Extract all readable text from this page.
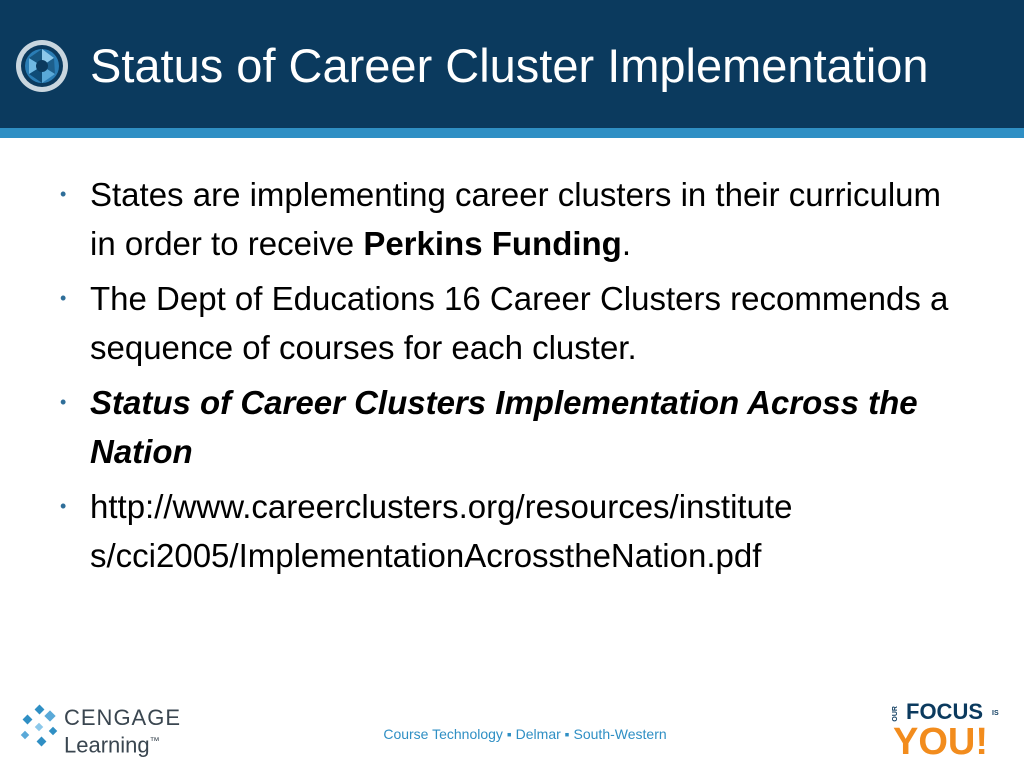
Status of Career Cluster Implementation
• States are implementing career clusters in their curriculum in order to receive Perkins Funding.
• The Dept of Educations 16 Career Clusters recommends a sequence of courses for each cluster.
• Status of Career Clusters Implementation Across the Nation
• http://www.careerclusters.org/resources/institute
s/cci2005/ImplementationAcrosstheNation.pdf
CENGAGE
Learning™	Course Technology ▪ Delmar ▪ South-Western
OUR FOCUS IS
YOU!
